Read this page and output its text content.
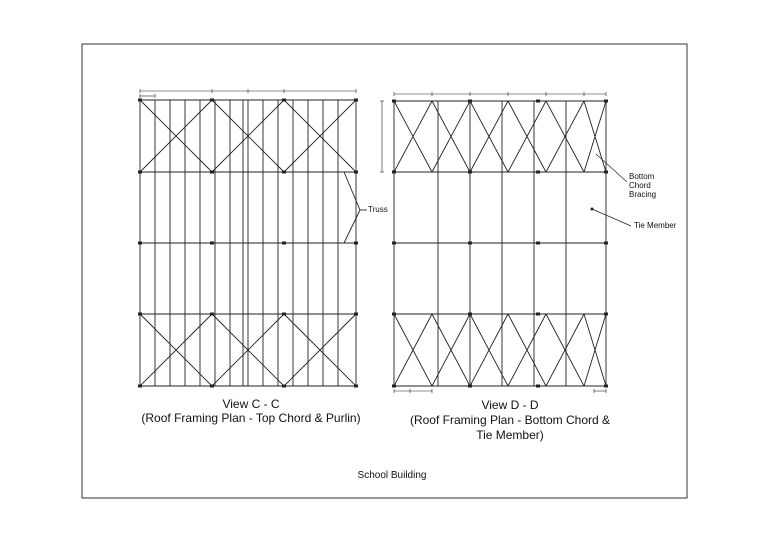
View C - C
(Roof Framing Plan - Top Chord & Purlin)
View D - D
(Roof Framing Plan - Bottom Chord &
Tie Member)
Truss
Bottom
Chord
Bracing
Tie Member
School Building
